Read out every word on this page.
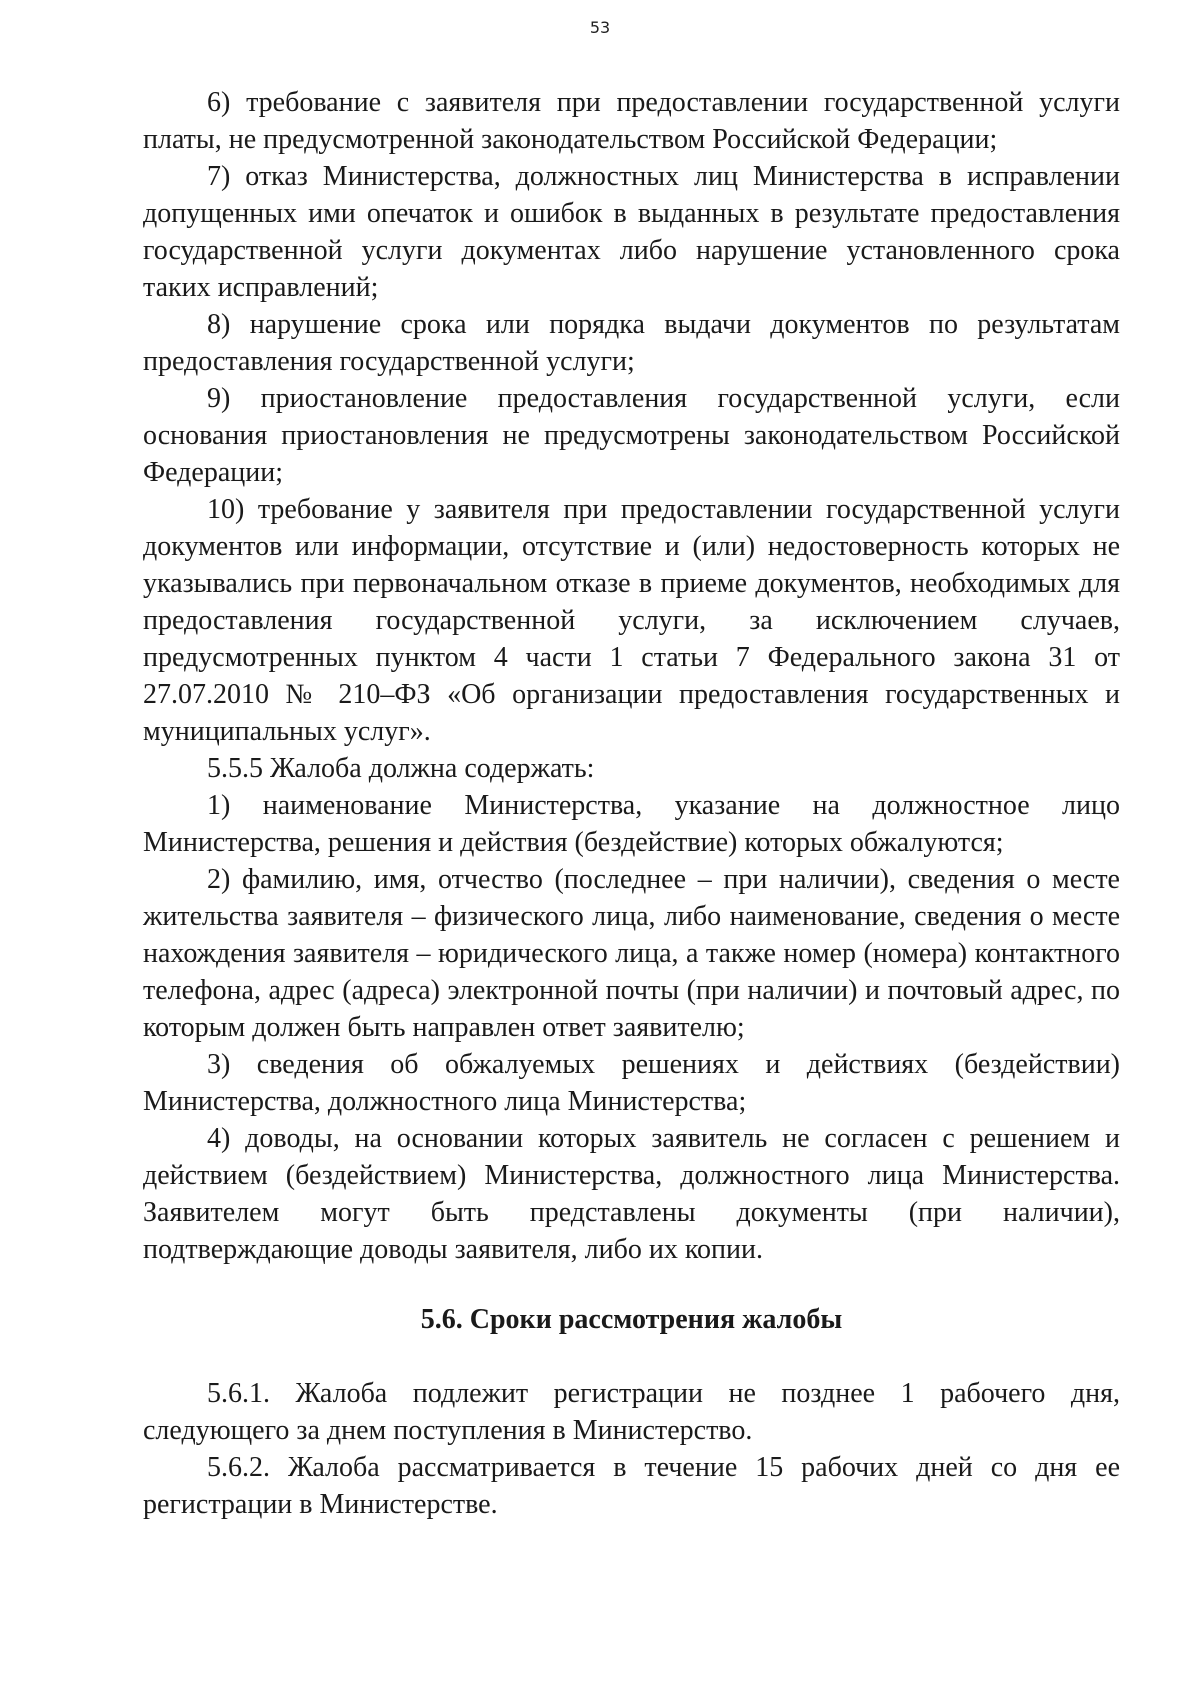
53

6) требование с заявителя при предоставлении государственной услуги платы, не предусмотренной законодательством Российской Федерации;

7) отказ Министерства, должностных лиц Министерства в исправлении допущенных ими опечаток и ошибок в выданных в результате предоставления государственной услуги документах либо нарушение установленного срока таких исправлений;

8) нарушение срока или порядка выдачи документов по результатам предоставления государственной услуги;

9) приостановление предоставления государственной услуги, если основания приостановления не предусмотрены законодательством Российской Федерации;

10) требование у заявителя при предоставлении государственной услуги документов или информации, отсутствие и (или) недостоверность которых не указывались при первоначальном отказе в приеме документов, необходимых для предоставления государственной услуги, за исключением случаев, предусмотренных пунктом 4 части 1 статьи 7 Федерального закона 31 от 27.07.2010 № 210–ФЗ «Об организации предоставления государственных и муниципальных услуг».

5.5.5 Жалоба должна содержать:

1) наименование Министерства, указание на должностное лицо Министерства, решения и действия (бездействие) которых обжалуются;

2) фамилию, имя, отчество (последнее – при наличии), сведения о месте жительства заявителя – физического лица, либо наименование, сведения о месте нахождения заявителя – юридического лица, а также номер (номера) контактного телефона, адрес (адреса) электронной почты (при наличии) и почтовый адрес, по которым должен быть направлен ответ заявителю;

3) сведения об обжалуемых решениях и действиях (бездействии) Министерства, должностного лица Министерства;

4) доводы, на основании которых заявитель не согласен с решением и действием (бездействием) Министерства, должностного лица Министерства. Заявителем могут быть представлены документы (при наличии), подтверждающие доводы заявителя, либо их копии.

5.6. Сроки рассмотрения жалобы

5.6.1. Жалоба подлежит регистрации не позднее 1 рабочего дня, следующего за днем поступления в Министерство.

5.6.2. Жалоба рассматривается в течение 15 рабочих дней со дня ее регистрации в Министерстве.
